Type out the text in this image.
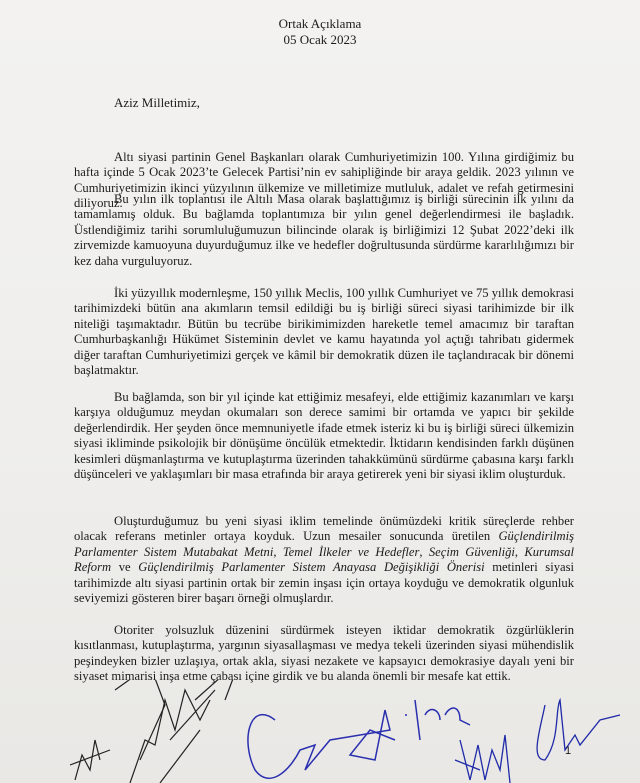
Ortak Açıklama
05 Ocak 2023
Aziz Milletimiz,

Altı siyasi partinin Genel Başkanları olarak Cumhuriyetimizin 100. Yılına girdiğimiz bu hafta içinde 5 Ocak 2023’te Gelecek Partisi’nin ev sahipliğinde bir araya geldik. 2023 yılının ve Cumhuriyetimizin ikinci yüzyılının ülkemize ve milletimize mutluluk, adalet ve refah getirmesini diliyoruz.

Bu yılın ilk toplantısı ile Altılı Masa olarak başlattığımız iş birliği sürecinin ilk yılını da tamamlamış olduk. Bu bağlamda toplantımıza bir yılın genel değerlendirmesi ile başladık. Üstlendiğimiz tarihi sorumluluğumuzun bilincinde olarak iş birliğimizi 12 Şubat 2022’deki ilk zirvemizde kamuoyuna duyurduğumuz ilke ve hedefler doğrultusunda sürdürme kararlılığımızı bir kez daha vurguluyoruz.

İki yüzyıllık modernleşme, 150 yıllık Meclis, 100 yıllık Cumhuriyet ve 75 yıllık demokrasi tarihimizdeki bütün ana akımların temsil edildiği bu iş birliği süreci siyasi tarihimizde bir ilk niteliği taşımaktadır. Bütün bu tecrübe birikimimizden hareketle temel amacımız bir taraftan Cumhurbaşkanlığı Hükümet Sisteminin devlet ve kamu hayatında yol açtığı tahribatı gidermek diğer taraftan Cumhuriyetimizi gerçek ve kâmil bir demokratik düzen ile taçlandıracak bir dönemi başlatmaktır.

Bu bağlamda, son bir yıl içinde kat ettiğimiz mesafeyi, elde ettiğimiz kazanımları ve karşı karşıya olduğumuz meydan okumaları son derece samimi bir ortamda ve yapıcı bir şekilde değerlendirdik. Her şeyden önce memnuniyetle ifade etmek isteriz ki bu iş birliği süreci ülkemizin siyasi ikliminde psikolojik bir dönüşüme öncülük etmektedir. İktidarın kendisinden farklı düşünen kesimleri düşmanlaştırma ve kutuplaştırma üzerinden tahakkümünü sürdürme çabasına karşı farklı düşünceleri ve yaklaşımları bir masa etrafında bir araya getirerek yeni bir siyasi iklim oluşturduk.

Oluşturduğumuz bu yeni siyasi iklim temelinde önümüzdeki kritik süreçlerde rehber olacak referans metinler ortaya koyduk. Uzun mesailer sonucunda üretilen Güçlendirilmiş Parlamenter Sistem Mutabakat Metni, Temel İlkeler ve Hedefler, Seçim Güvenliği, Kurumsal Reform ve Güçlendirilmiş Parlamenter Sistem Anayasa Değişikliği Önerisi metinleri siyasi tarihimizde altı siyasi partinin ortak bir zemin inşası için ortaya koyduğu ve demokratik olgunluk seviyemizi gösteren birer başarı örneği olmuşlardır.

Otoriter yolsuzluk düzenini sürdürmek isteyen iktidar demokratik özgürlüklerin kısıtlanması, kutuplaştırma, yargının siyasallaşması ve medya tekeli üzerinden siyasi mühendislik peşindeyken bizler uzlaşıya, ortak akla, siyasi nezakete ve kapsayıcı demokrasiye dayalı yeni bir siyaset mimarisi inşa etme çabası içine girdik ve bu alanda önemli bir mesafe kat ettik.

1
